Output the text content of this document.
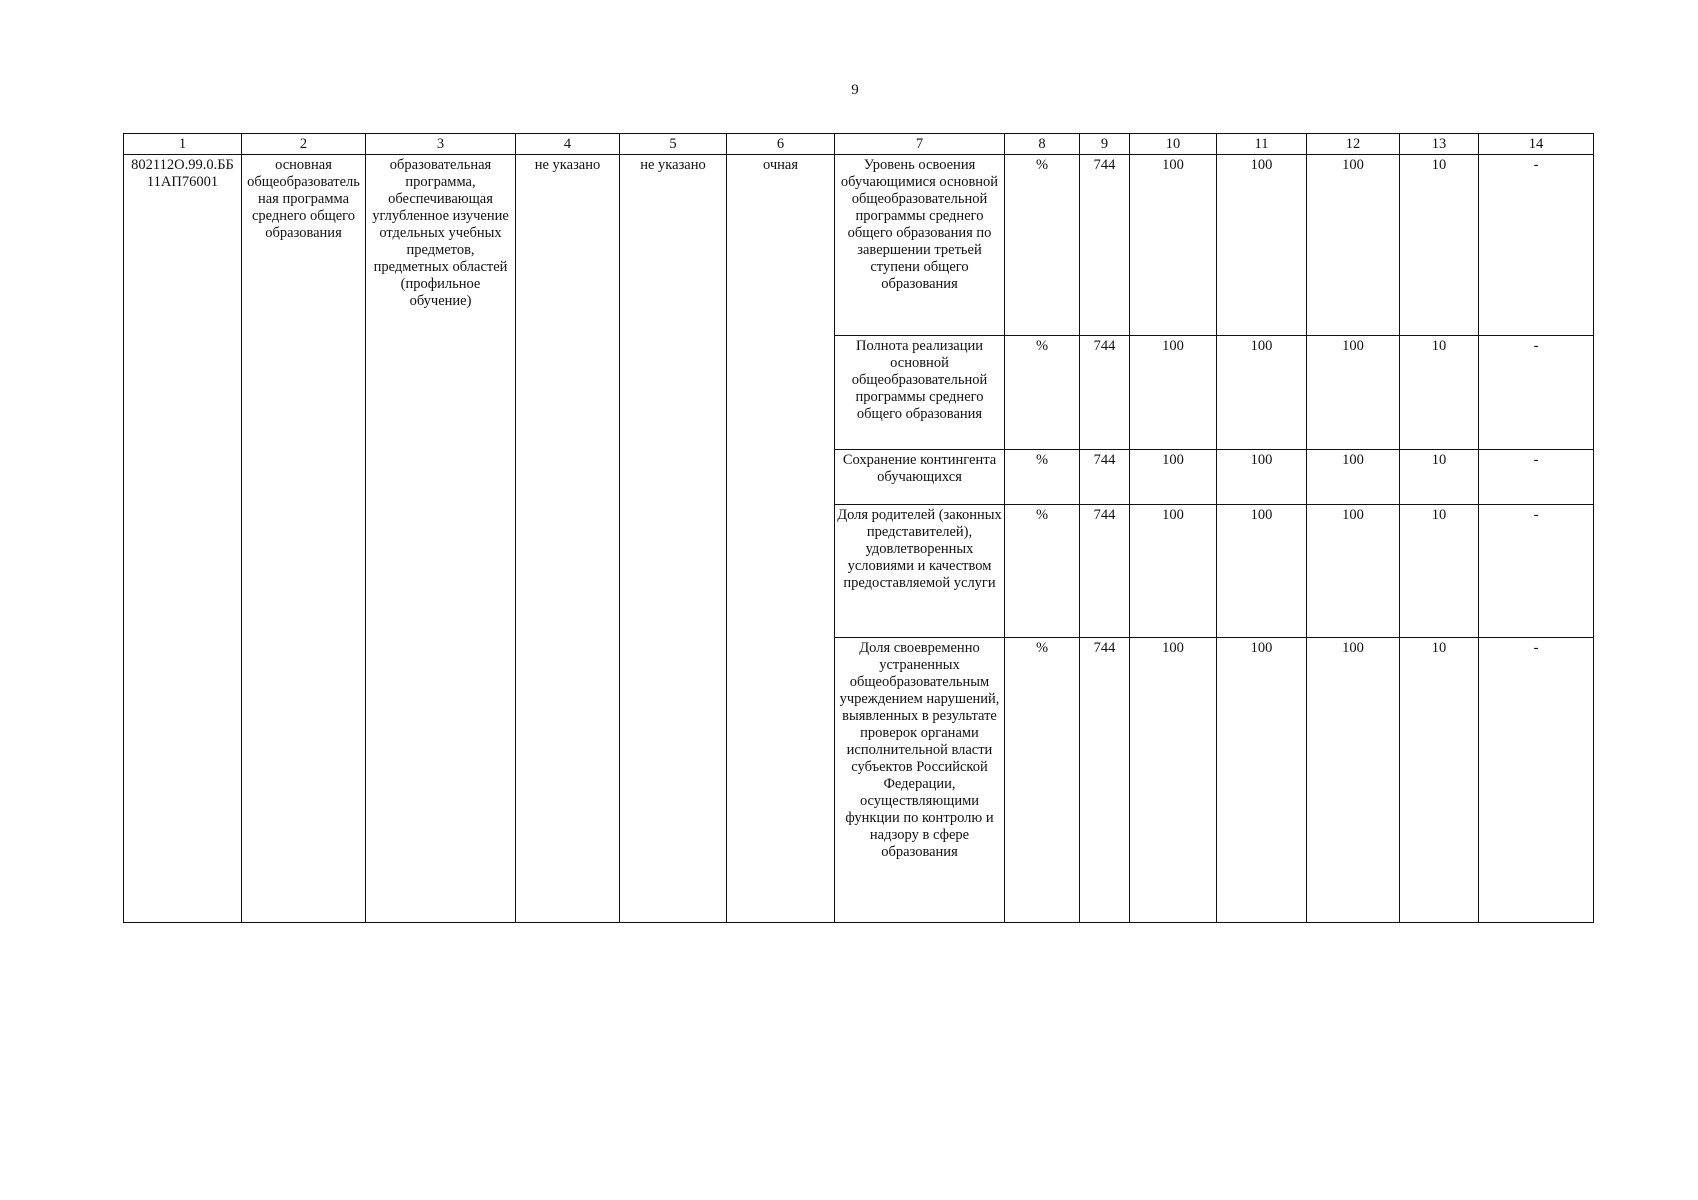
9
1	2	3	4	5	6	7	8	9	10	11	12	13	14
802112О.99.0.ББ 11АП76001	основная общеобразовательная программа среднего общего образования	образовательная программа, обеспечивающая углубленное изучение отдельных учебных предметов, предметных областей (профильное обучение)	не указано	не указано	очная	Уровень освоения обучающимися основной общеобразовательной программы среднего общего образования по завершении третьей ступени общего образования	%	744	100	100	100	10	-
						Полнота реализации основной общеобразовательной программы среднего общего образования	%	744	100	100	100	10	-
						Сохранение контингента обучающихся	%	744	100	100	100	10	-
						Доля родителей (законных представителей), удовлетворенных условиями и качеством предоставляемой услуги	%	744	100	100	100	10	-
						Доля своевременно устраненных общеобразовательным учреждением нарушений, выявленных в результате проверок органами исполнительной власти субъектов Российской Федерации, осуществляющими функции по контролю и надзору в сфере образования	%	744	100	100	100	10	-
